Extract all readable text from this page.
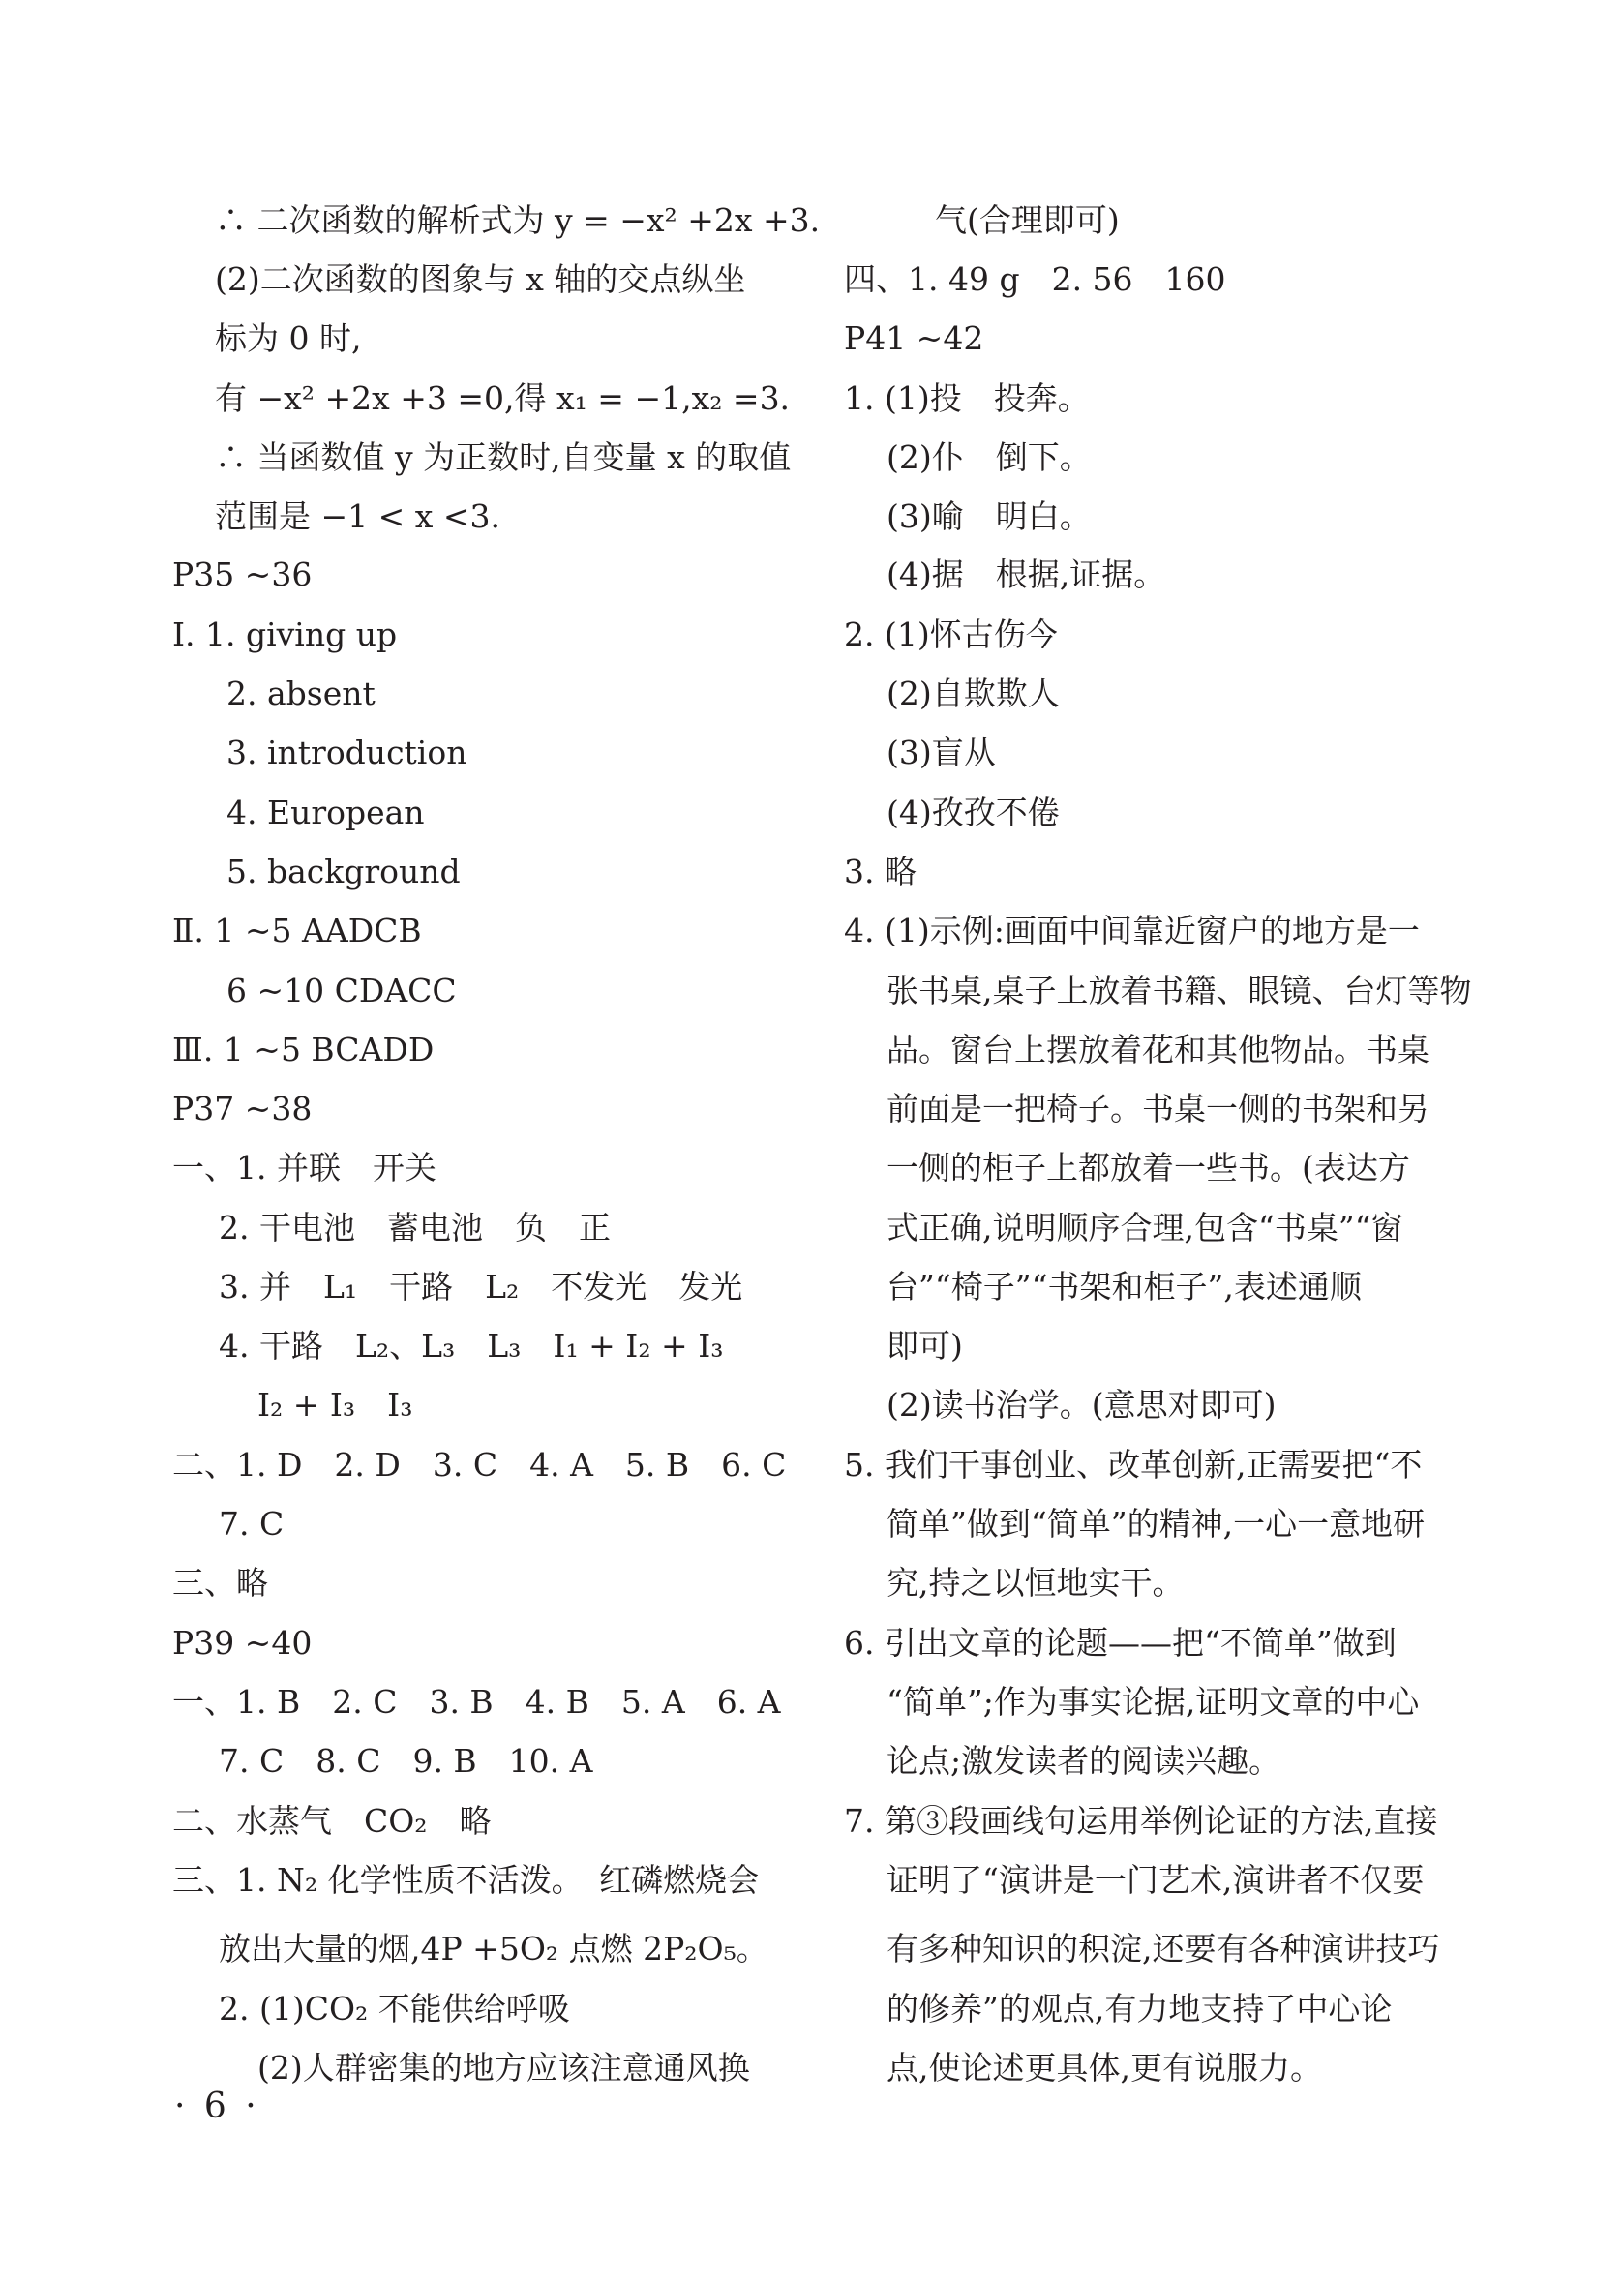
∴ 二次函数的解析式为 y = −x² +2x +3.
(2)二次函数的图象与 x 轴的交点纵坐
标为 0 时,
有 −x² +2x +3 =0,得 x₁ = −1,x₂ =3.
∴ 当函数值 y 为正数时,自变量 x 的取值
范围是 −1 < x <3.
P35 ~36
Ⅰ. 1. giving up
2. absent
3. introduction
4. European
5. background
Ⅱ. 1 ~5 AADCB
6 ~10 CDACC
Ⅲ. 1 ~5 BCADD
P37 ~38
一、1. 并联　开关
2. 干电池　蓄电池　负　正
3. 并　L₁　干路　L₂　不发光　发光
4. 干路　L₂、L₃　L₃　I₁ + I₂ + I₃
I₂ + I₃　I₃
二、1. D　2. D　3. C　4. A　5. B　6. C
7. C
三、略
P39 ~40
一、1. B　2. C　3. B　4. B　5. A　6. A
7. C　8. C　9. B　10. A
二、水蒸气　CO₂　略
三、1. N₂ 化学性质不活泼。　红磷燃烧会
放出大量的烟,4P +5O₂ 点燃 2P₂O₅。
2. (1)CO₂ 不能供给呼吸
(2)人群密集的地方应该注意通风换
· 6 ·
气(合理即可)
四、1. 49 g　2. 56　160
P41 ~42
1. (1)投　投奔。
(2)仆　倒下。
(3)喻　明白。
(4)据　根据,证据。
2. (1)怀古伤今
(2)自欺欺人
(3)盲从
(4)孜孜不倦
3. 略
4. (1)示例:画面中间靠近窗户的地方是一
张书桌,桌子上放着书籍、眼镜、台灯等物
品。窗台上摆放着花和其他物品。书桌
前面是一把椅子。书桌一侧的书架和另
一侧的柜子上都放着一些书。(表达方
式正确,说明顺序合理,包含“书桌”“窗
台”“椅子”“书架和柜子”,表述通顺
即可)
(2)读书治学。(意思对即可)
5. 我们干事创业、改革创新,正需要把“不
简单”做到“简单”的精神,一心一意地研
究,持之以恒地实干。
6. 引出文章的论题——把“不简单”做到
“简单”;作为事实论据,证明文章的中心
论点;激发读者的阅读兴趣。
7. 第③段画线句运用举例论证的方法,直接
证明了“演讲是一门艺术,演讲者不仅要
有多种知识的积淀,还要有各种演讲技巧
的修养”的观点,有力地支持了中心论
点,使论述更具体,更有说服力。
